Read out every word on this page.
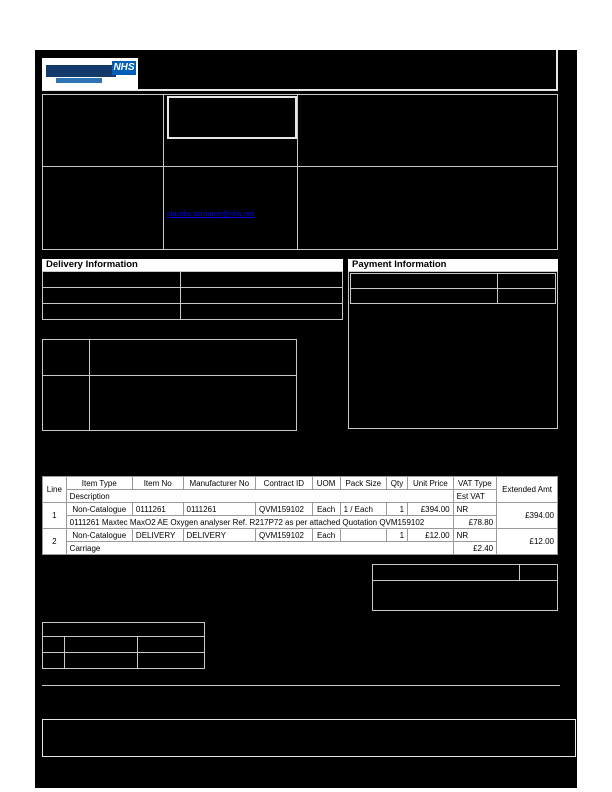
NHS
claudia.surname@nhs.net
Delivery Information	Payment Information
Line	Item Type	Item No	Manufacturer No	Contract ID	UOM	Pack Size	Qty	Unit Price	VAT Type	Extended Amt
	Description								Est VAT	
1	Non-Catalogue	0111261	0111261	QVM159102	Each	1 / Each	1	£394.00	NR	£394.00
	0111261 Maxtec MaxO2 AE Oxygen analyser Ref. R217P72 as per attached Quotation QVM159102								£78.80	
2	Non-Catalogue	DELIVERY	DELIVERY	QVM159102	Each		1	£12.00	NR	£12.00
	Carriage								£2.40	
